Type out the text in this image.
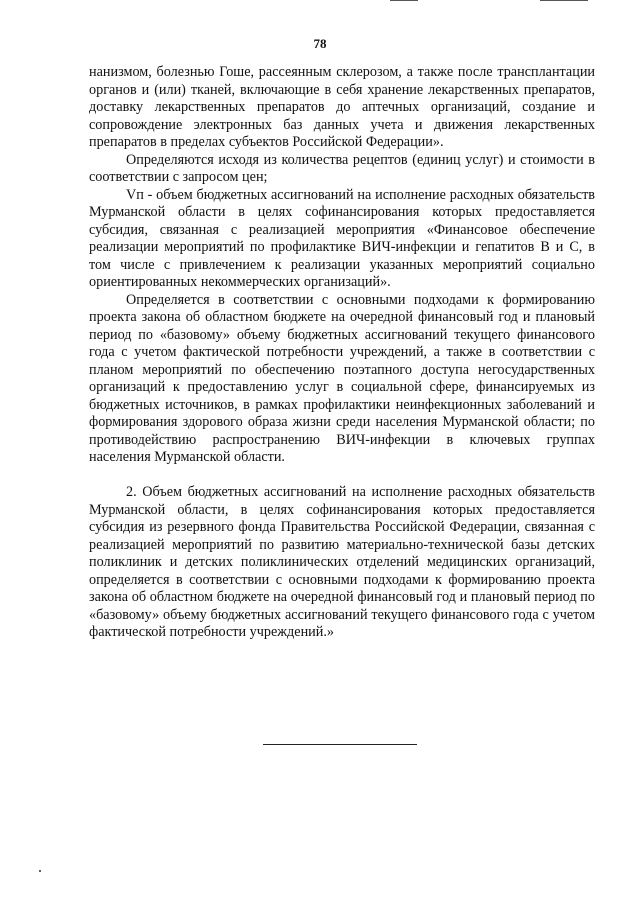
78

нанизмом, болезнью Гоше, рассеянным склерозом, а также после трансплантации органов и (или) тканей, включающие в себя хранение лекарственных препаратов, доставку лекарственных препаратов до аптечных организаций, создание и сопровождение электронных баз данных учета и движения лекарственных препаратов в пределах субъектов Российской Федерации».

Определяются исходя из количества рецептов (единиц услуг) и стоимости в соответствии с запросом цен;

Vп - объем бюджетных ассигнований на исполнение расходных обязательств Мурманской области в целях софинансирования которых предоставляется субсидия, связанная с реализацией мероприятия «Финансовое обеспечение реализации мероприятий по профилактике ВИЧ-инфекции и гепатитов В и С, в том числе с привлечением к реализации указанных мероприятий социально ориентированных некоммерческих организаций».

Определяется в соответствии с основными подходами к формированию проекта закона об областном бюджете на очередной финансовый год и плановый период по «базовому» объему бюджетных ассигнований текущего финансового года с учетом фактической потребности учреждений, а также в соответствии с планом мероприятий по обеспечению поэтапного доступа негосударственных организаций к предоставлению услуг в социальной сфере, финансируемых из бюджетных источников, в рамках профилактики неинфекционных заболеваний и формирования здорового образа жизни среди населения Мурманской области; по противодействию распространению ВИЧ-инфекции в ключевых группах населения Мурманской области.

2. Объем бюджетных ассигнований на исполнение расходных обязательств Мурманской области, в целях софинансирования которых предоставляется субсидия из резервного фонда Правительства Российской Федерации, связанная с реализацией мероприятий по развитию материально-технической базы детских поликлиник и детских поликлинических отделений медицинских организаций, определяется в соответствии с основными подходами к формированию проекта закона об областном бюджете на очередной финансовый год и плановый период по «базовому» объему бюджетных ассигнований текущего финансового года с учетом фактической потребности учреждений.»
